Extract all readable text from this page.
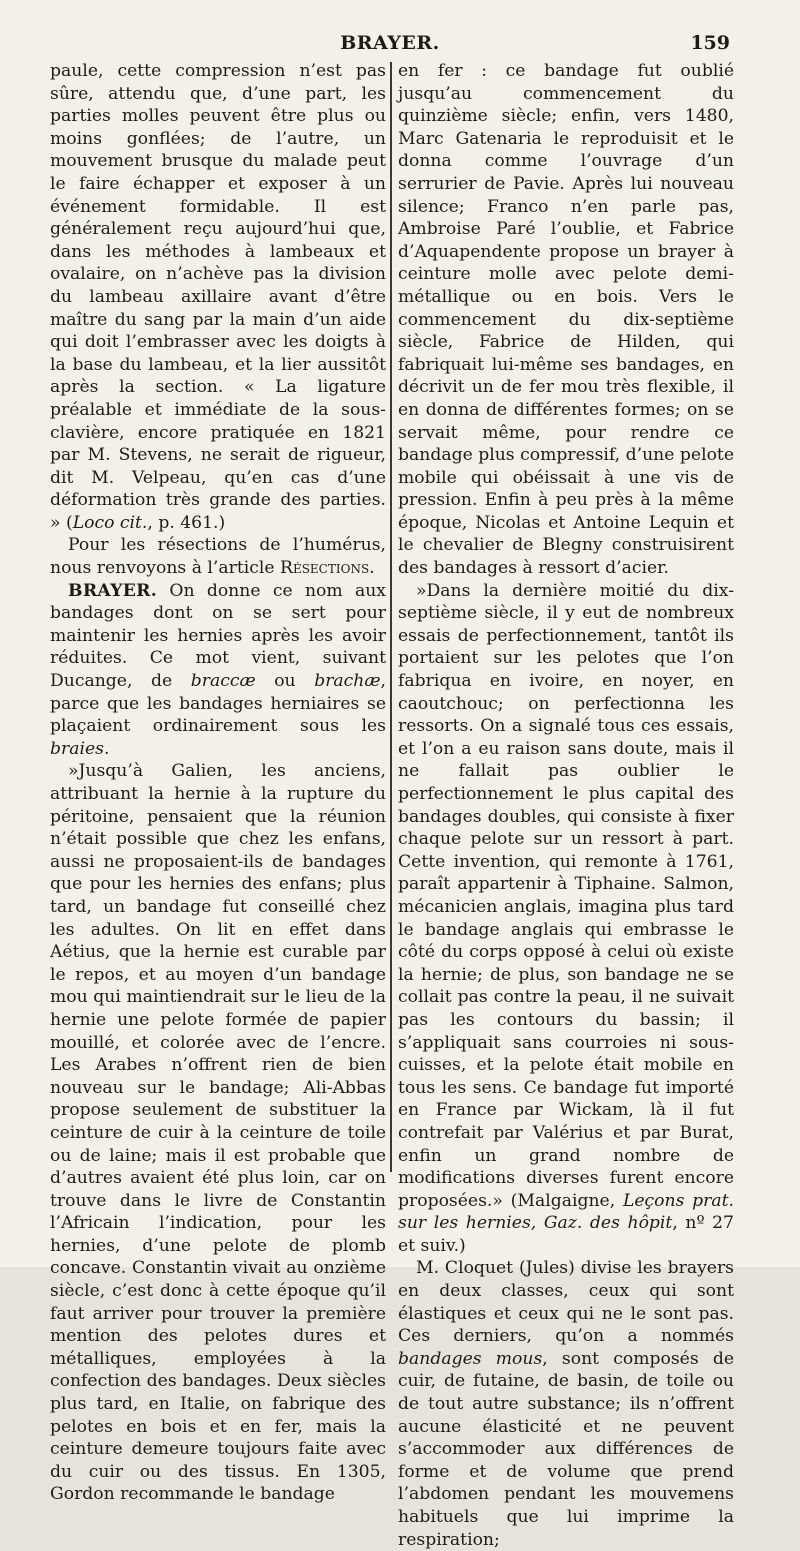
BRAYER.	159

paule, cette compression n’est pas sûre, attendu que, d’une part, les parties molles peuvent être plus ou moins gonflées; de l’autre, un mouvement brusque du malade peut le faire échapper et exposer à un événement formidable. Il est généralement reçu aujourd’hui que, dans les méthodes à lambeaux et ovalaire, on n’achève pas la division du lambeau axillaire avant d’être maître du sang par la main d’un aide qui doit l’embrasser avec les doigts à la base du lambeau, et la lier aussitôt après la section. « La ligature préalable et immédiate de la sous-clavière, encore pratiquée en 1821 par M. Stevens, ne serait de rigueur, dit M. Velpeau, qu’en cas d’une déformation très grande des parties. » (Loco cit., p. 461.)

Pour les résections de l’humérus, nous renvoyons à l’article Résections.

BRAYER. On donne ce nom aux bandages dont on se sert pour maintenir les hernies après les avoir réduites. Ce mot vient, suivant Ducange, de braccæ ou brachæ, parce que les bandages herniaires se plaçaient ordinairement sous les braies.

»Jusqu’à Galien, les anciens, attribuant la hernie à la rupture du péritoine, pensaient que la réunion n’était possible que chez les enfans, aussi ne proposaient-ils de bandages que pour les hernies des enfans; plus tard, un bandage fut conseillé chez les adultes. On lit en effet dans Aétius, que la hernie est curable par le repos, et au moyen d’un bandage mou qui maintiendrait sur le lieu de la hernie une pelote formée de papier mouillé, et colorée avec de l’encre. Les Arabes n’offrent rien de bien nouveau sur le bandage; Ali-Abbas propose seulement de substituer la ceinture de cuir à la ceinture de toile ou de laine; mais il est probable que d’autres avaient été plus loin, car on trouve dans le livre de Constantin l’Africain l’indication, pour les hernies, d’une pelote de plomb concave. Constantin vivait au onzième siècle, c’est donc à cette époque qu’il faut arriver pour trouver la première mention des pelotes dures et métalliques, employées à la confection des bandages. Deux siècles plus tard, en Italie, on fabrique des pelotes en bois et en fer, mais la ceinture demeure toujours faite avec du cuir ou des tissus. En 1305, Gordon recommande le bandage

en fer : ce bandage fut oublié jusqu’au commencement du quinzième siècle; enfin, vers 1480, Marc Gatenaria le reproduisit et le donna comme l’ouvrage d’un serrurier de Pavie. Après lui nouveau silence; Franco n’en parle pas, Ambroise Paré l’oublie, et Fabrice d’Aquapendente propose un brayer à ceinture molle avec pelote demi-métallique ou en bois. Vers le commencement du dix-septième siècle, Fabrice de Hilden, qui fabriquait lui-même ses bandages, en décrivit un de fer mou très flexible, il en donna de différentes formes; on se servait même, pour rendre ce bandage plus compressif, d’une pelote mobile qui obéissait à une vis de pression. Enfin à peu près à la même époque, Nicolas et Antoine Lequin et le chevalier de Blegny construisirent des bandages à ressort d’acier.

»Dans la dernière moitié du dix-septième siècle, il y eut de nombreux essais de perfectionnement, tantôt ils portaient sur les pelotes que l’on fabriqua en ivoire, en noyer, en caoutchouc; on perfectionna les ressorts. On a signalé tous ces essais, et l’on a eu raison sans doute, mais il ne fallait pas oublier le perfectionnement le plus capital des bandages doubles, qui consiste à fixer chaque pelote sur un ressort à part. Cette invention, qui remonte à 1761, paraît appartenir à Tiphaine. Salmon, mécanicien anglais, imagina plus tard le bandage anglais qui embrasse le côté du corps opposé à celui où existe la hernie; de plus, son bandage ne se collait pas contre la peau, il ne suivait pas les contours du bassin; il s’appliquait sans courroies ni sous-cuisses, et la pelote était mobile en tous les sens. Ce bandage fut importé en France par Wickam, là il fut contrefait par Valérius et par Burat, enfin un grand nombre de modifications diverses furent encore proposées.» (Malgaigne, Leçons prat. sur les hernies, Gaz. des hôpit, nº 27 et suiv.)

M. Cloquet (Jules) divise les brayers en deux classes, ceux qui sont élastiques et ceux qui ne le sont pas. Ces derniers, qu’on a nommés bandages mous, sont composés de cuir, de futaine, de basin, de toile ou de tout autre substance; ils n’offrent aucune élasticité et ne peuvent s’accommoder aux différences de forme et de volume que prend l’abdomen pendant les mouvemens habituels que lui imprime la respiration;
